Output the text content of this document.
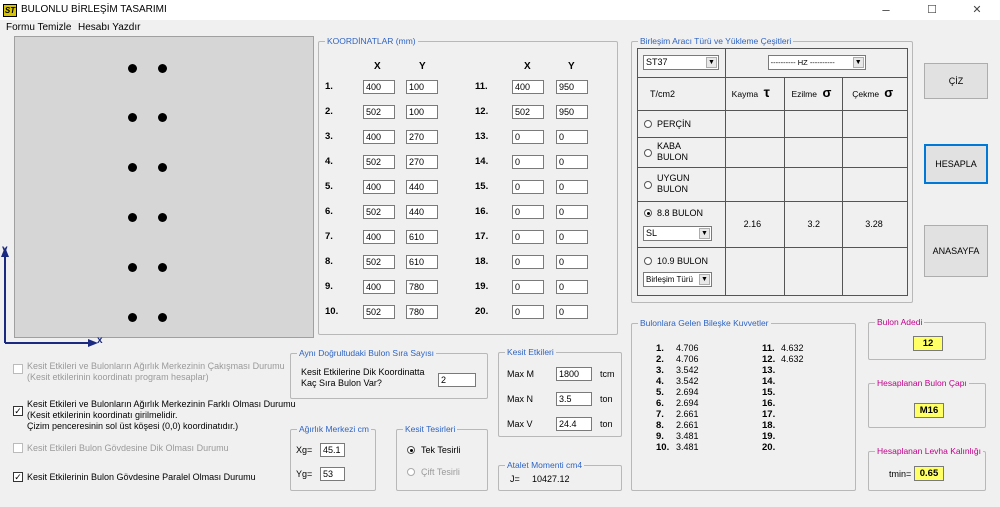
ST BULONLU BİRLEŞİM TASARIMI	–	☐	✕
Formu Temizle Hesabı Yazdır
y
x
KOORDİNATLAR (mm)
X	Y	X	Y
1.	400	100
2.	502	100
3.	400	270
4.	502	270
5.	400	440
6.	502	440
7.	400	610
8.	502	610
9.	400	780
10.	502	780
11.	400	950
12.	502	950
13.	0	0
14.	0	0
15.	0	0
16.	0	0
17.	0	0
18.	0	0
19.	0	0
20.	0	0
Birleşim Aracı Türü ve Yükleme Çeşitleri
ST37 ▼	---------- HZ ---------- ▼		

T/cm2	Kayma τ	Ezilme σ	Çekme σ

PERÇİN			

KABA
BULON			

UYGUN
BULON			

8.8 BULON
SL ▼	2.16	3.2	3.28

10.9 BULON
Birleşim Türü ▼			

ÇİZ
HESAPLA
ANASAYFA
Kesit Etkileri ve Bulonların Ağırlık Merkezinin Çakışması Durumu
(Kesit etkilerinin koordinatı program hesaplar)
✓
Kesit Etkileri ve Bulonların Ağırlık Merkezinin Farklı Olması Durumu
(Kesit etkilerinin koordinatı girilmelidir.
Çizim penceresinin sol üst köşesi (0,0) koordinatıdır.)
Kesit Etkileri Bulon Gövdesine Dik Olması Durumu
✓ Kesit Etkilerinin Bulon Gövdesine Paralel Olması Durumu
Aynı Doğrultudaki Bulon Sıra Sayısı
Kesit Etkilerine Dik Koordinatta
Kaç Sıra Bulon Var?	2
Ağırlık Merkezi cm
Xg=	45.1
Yg=	53
Kesit Tesirleri
Tek Tesirli
Çift Tesirli
Kesit Etkileri
Max M	1800	tcm
Max N	3.5	ton
Max V	24.4	ton
Atalet Momenti cm4
J= 10427.12
Bulonlara Gelen Bileşke Kuvvetler
1. 4.706
2. 4.706
3. 3.542
4. 3.542
5. 2.694
6. 2.694
7. 2.661
8. 2.661
9. 3.481
10. 3.481
11. 4.632
12. 4.632
13.
14.
15.
16.
17.
18.
19.
20.
Bulon Adedi
12
Hesaplanan Bulon Çapı
M16
Hesaplanan Levha Kalınlığı
tmin= 0.65
